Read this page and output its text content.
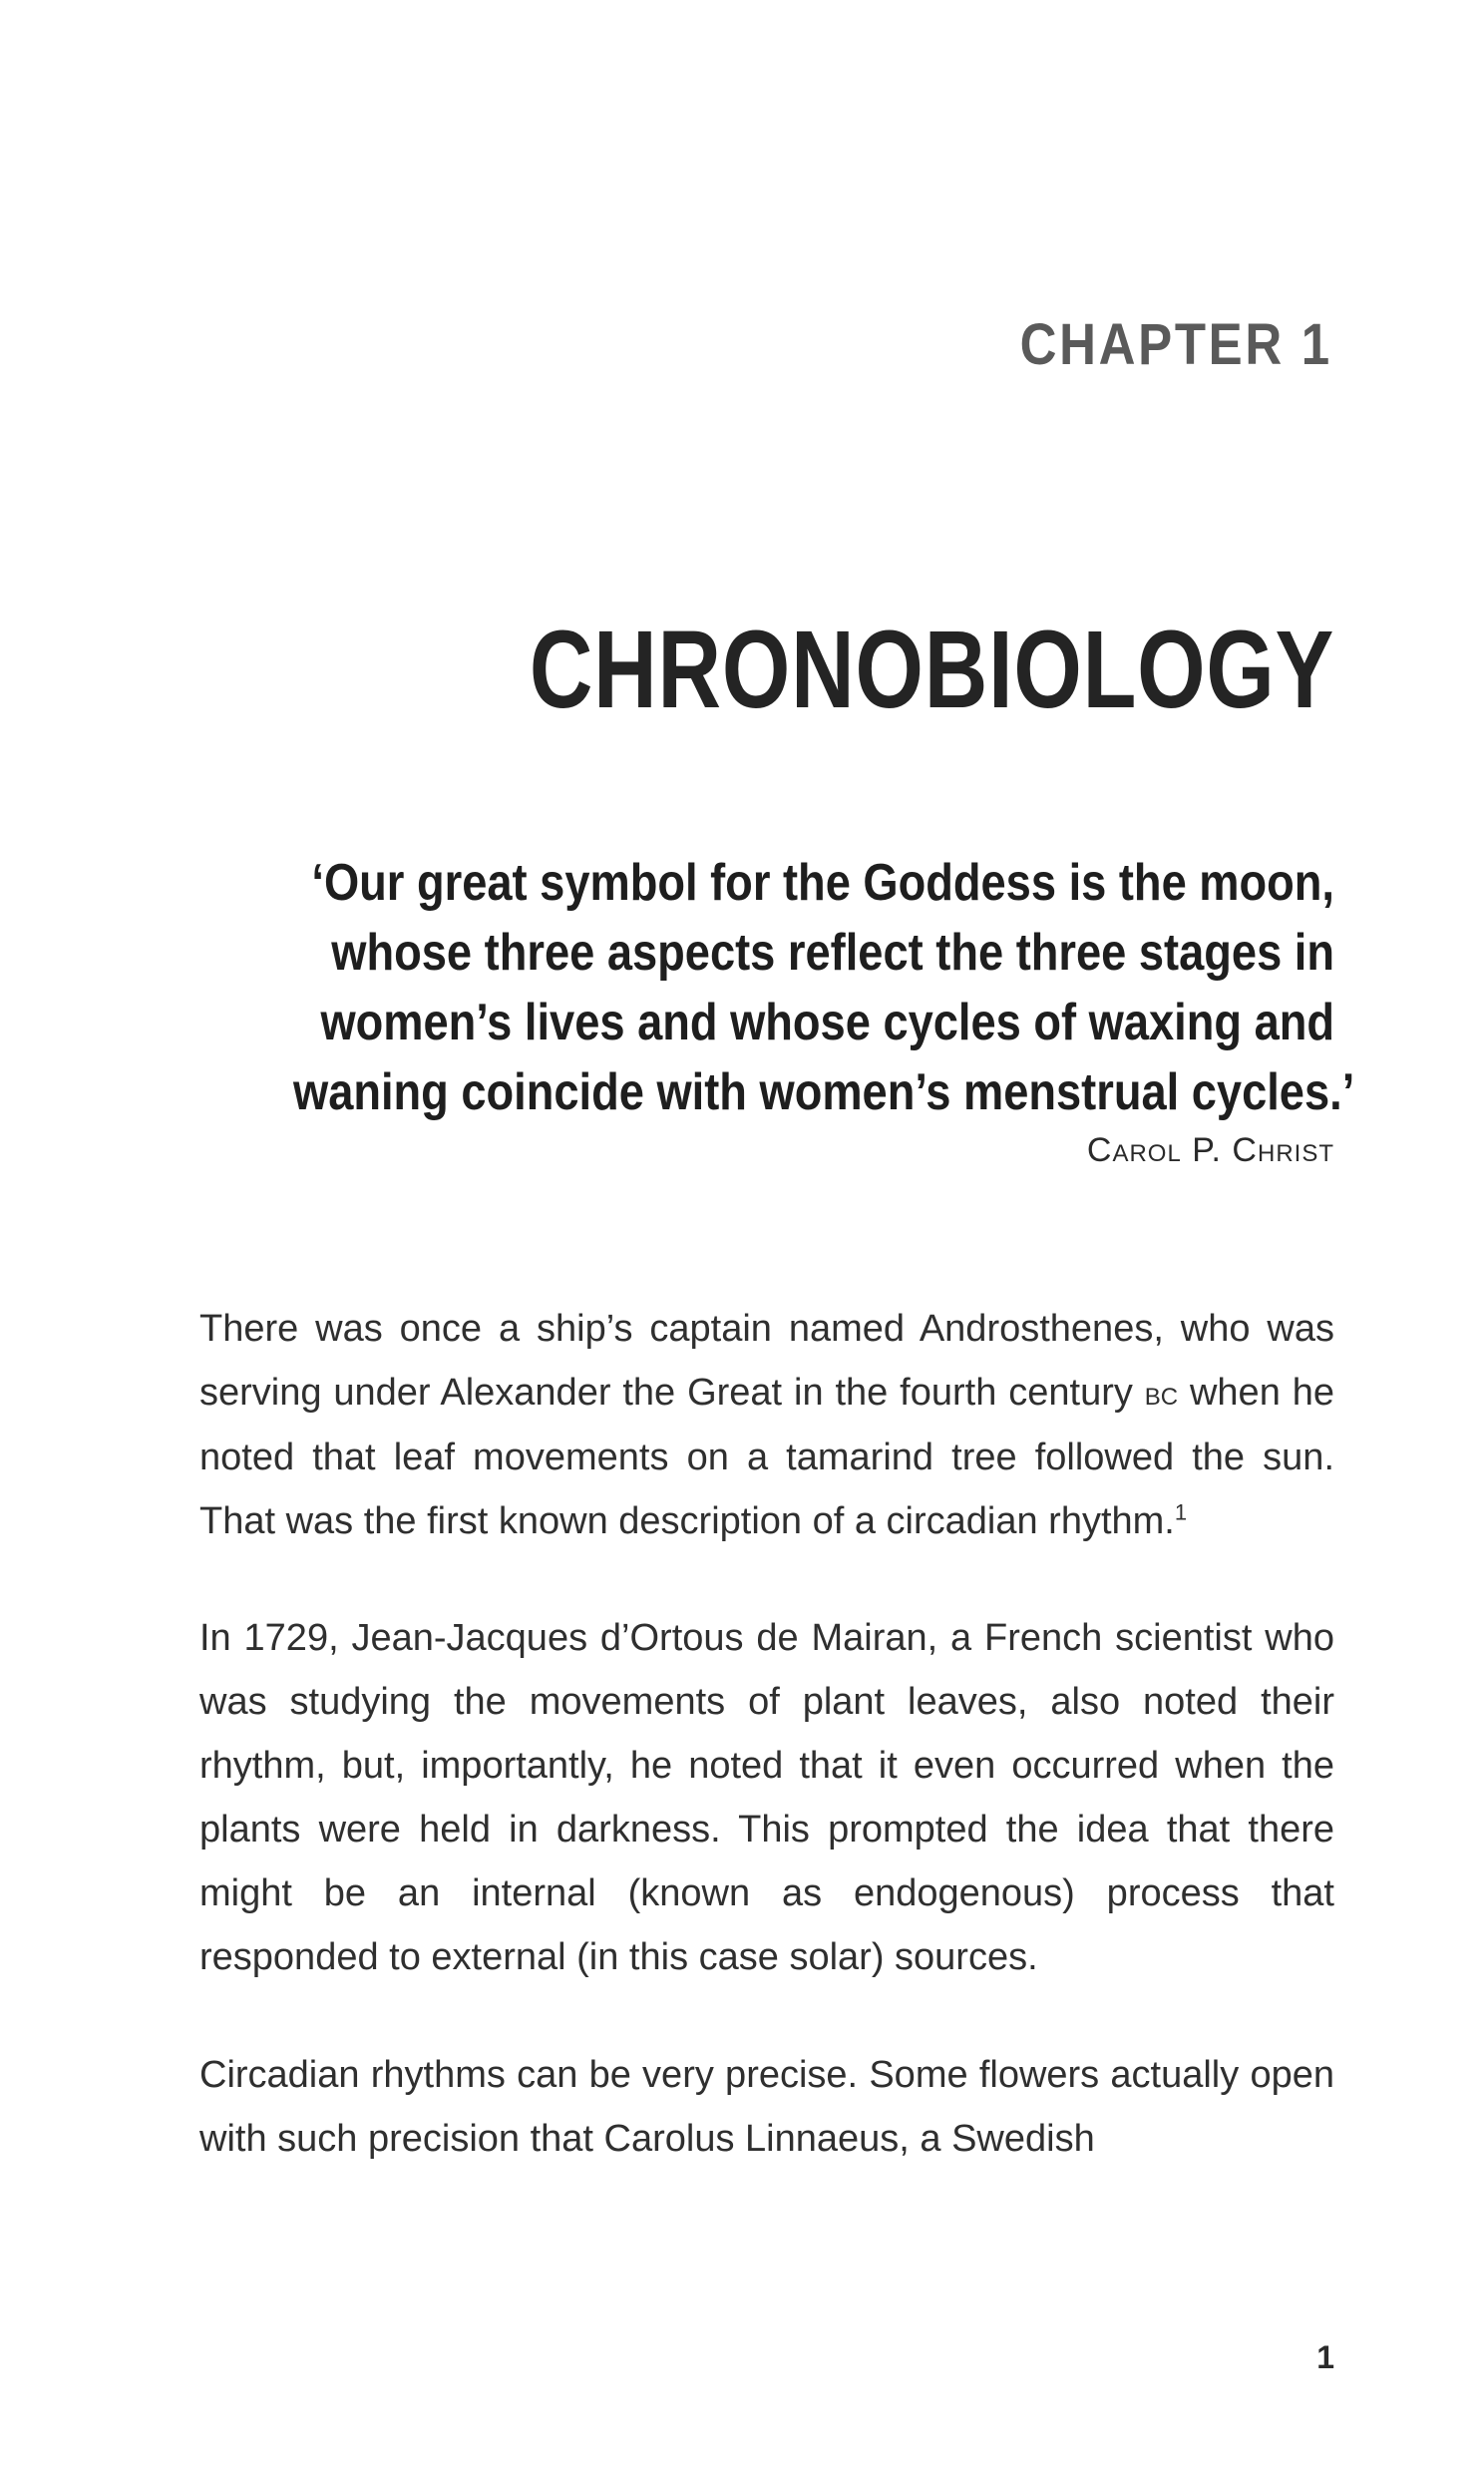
CHAPTER 1
CHRONOBIOLOGY
‘Our great symbol for the Goddess is the moon,
whose three aspects reflect the three stages in
women’s lives and whose cycles of waxing and
waning coincide with women’s menstrual cycles.’
Carol P. Christ

There was once a ship’s captain named Androsthenes, who was serving under Alexander the Great in the fourth century bc when he noted that leaf movements on a tamarind tree followed the sun. That was the first known description of a circadian rhythm.$^1$

In 1729, Jean-Jacques d’Ortous de Mairan, a French scientist who was studying the movements of plant leaves, also noted their rhythm, but, importantly, he noted that it even occurred when the plants were held in darkness. This prompted the idea that there might be an internal (known as endogenous) process that responded to external (in this case solar) sources.

Circadian rhythms can be very precise. Some flowers actually open with such precision that Carolus Linnaeus, a Swedish

1
